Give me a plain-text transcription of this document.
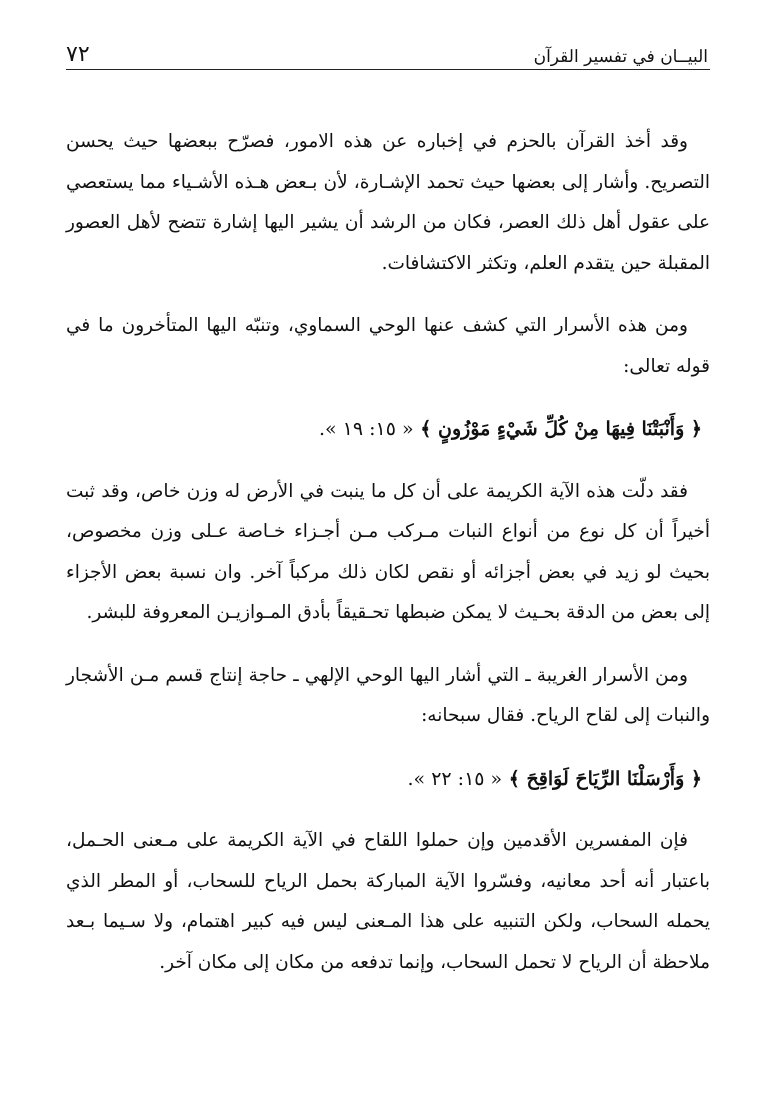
٧٢	البيــان في تفسير القرآن

وقد أخذ القرآن بالحزم في إخباره عن هذه الامور، فصرّح ببعضها حيث يحسن التصريح. وأشار إلى بعضها حيث تحمد الإشـارة، لأن بـعض هـذه الأشـياء مما يستعصي على عقول أهل ذلك العصر، فكان من الرشد أن يشير اليها إشارة تتضح لأهل العصور المقبلة حين يتقدم العلم، وتكثر الاكتشافات.

ومن هذه الأسرار التي كشف عنها الوحي السماوي، وتنبّه اليها المتأخرون ما في قوله تعالى:

﴿ وَأَنْبَتْنَا فِيهَا مِنْ كُلِّ شَيْءٍ مَوْزُونٍ ﴾ « ١٥: ١٩ ».

فقد دلّت هذه الآية الكريمة على أن كل ما ينبت في الأرض له وزن خاص، وقد ثبت أخيراً أن كل نوع من أنواع النبات مـركب مـن أجـزاء خـاصة عـلى وزن مخصوص، بحيث لو زيد في بعض أجزائه أو نقص لكان ذلك مركباً آخر. وان نسبة بعض الأجزاء إلى بعض من الدقة بحـيث لا يمكن ضبطها تحـقيقاً بأدق المـوازيـن المعروفة للبشر.

ومن الأسرار الغريبة ـ التي أشار اليها الوحي الإلهي ـ حاجة إنتاج قسم مـن الأشجار والنبات إلى لقاح الرياح. فقال سبحانه:

﴿ وَأَرْسَلْنَا الرِّيَاحَ لَوَاقِحَ ﴾ « ١٥: ٢٢ ».

فإن المفسرين الأقدمين وإن حملوا اللقاح في الآية الكريمة على مـعنى الحـمل، باعتبار أنه أحد معانيه، وفسّروا الآية المباركة بحمل الرياح للسحاب، أو المطر الذي يحمله السحاب، ولكن التنبيه على هذا المـعنى ليس فيه كبير اهتمام، ولا سـيما بـعد ملاحظة أن الرياح لا تحمل السحاب، وإنما تدفعه من مكان إلى مكان آخر.
